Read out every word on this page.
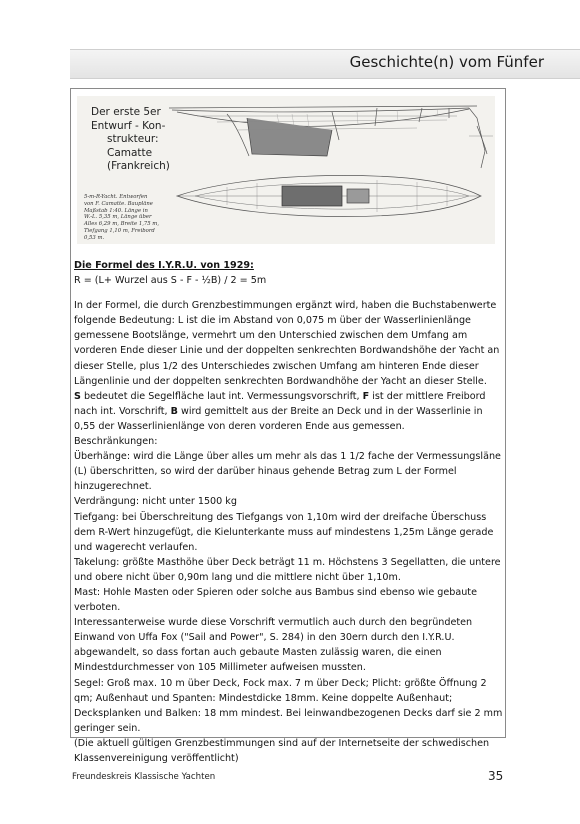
Geschichte(n) vom Fünfer
Der erste 5er
Entwurf - Kon-
strukteur:
Camatte
(Frankreich)
5-m-R-Yacht. Entworfen
von F. Camatte. Baupläne
Maßstab 1:40. Länge in
W.-L. 5,35 m, Länge über
Alles 6,29 m, Breite 1,75 m,
Tiefgang 1,10 m, Freibord
0,53 m.

Die Formel des I.Y.R.U. von 1929:

R = (L+ Wurzel aus S - F - ½B) / 2 = 5m

In der Formel, die durch Grenzbestimmungen ergänzt wird, haben die Buchstabenwerte folgende Bedeutung: L ist die im Abstand von 0,075 m über der Wasserlinienlänge gemessene Bootslänge, vermehrt um den Unterschied zwischen dem Umfang am vorderen Ende dieser Linie und der doppelten senkrechten Bordwandshöhe der Yacht an dieser Stelle, plus 1/2 des Unterschiedes zwischen Umfang am hinteren Ende dieser Längenlinie und der doppelten senkrechten Bordwandhöhe der Yacht an dieser Stelle.

S bedeutet die Segelfläche laut int. Vermessungsvorschrift, F ist der mittlere Freibord nach int. Vorschrift, B wird gemittelt aus der Breite an Deck und in der Wasserlinie in 0,55 der Wasserlinienlänge von deren vorderen Ende aus gemessen.

Beschränkungen:

Überhänge: wird die Länge über alles um mehr als das 1 1/2 fache der Vermessungsläne (L) überschritten, so wird der darüber hinaus gehende Betrag zum L der Formel hinzugerechnet.

Verdrängung: nicht unter 1500 kg

Tiefgang: bei Überschreitung des Tiefgangs von 1,10m wird der dreifache Überschuss dem R-Wert hinzugefügt, die Kielunterkante muss auf mindestens 1,25m Länge gerade und wagerecht verlaufen.

Takelung: größte Masthöhe über Deck beträgt 11 m. Höchstens 3 Segellatten, die untere und obere nicht über 0,90m lang und die mittlere nicht über 1,10m.

Mast: Hohle Masten oder Spieren oder solche aus Bambus sind ebenso wie gebaute verboten.

Interessanterweise wurde diese Vorschrift vermutlich auch durch den begründeten Einwand von Uffa Fox ("Sail and Power", S. 284) in den 30ern durch den I.Y.R.U. abgewandelt, so dass fortan auch gebaute Masten zulässig waren, die einen Mindestdurchmesser von 105 Millimeter aufweisen mussten.

Segel: Groß max. 10 m über Deck, Fock max. 7 m über Deck; Plicht: größte Öffnung 2 qm; Außenhaut und Spanten: Mindestdicke 18mm. Keine doppelte Außenhaut; Decksplanken und Balken: 18 mm mindest. Bei leinwandbezogenen Decks darf sie 2 mm geringer sein.

(Die aktuell gültigen Grenzbestimmungen sind auf der Internetseite der schwedischen Klassenvereinigung veröffentlicht)

Freundeskreis Klassische Yachten	35
